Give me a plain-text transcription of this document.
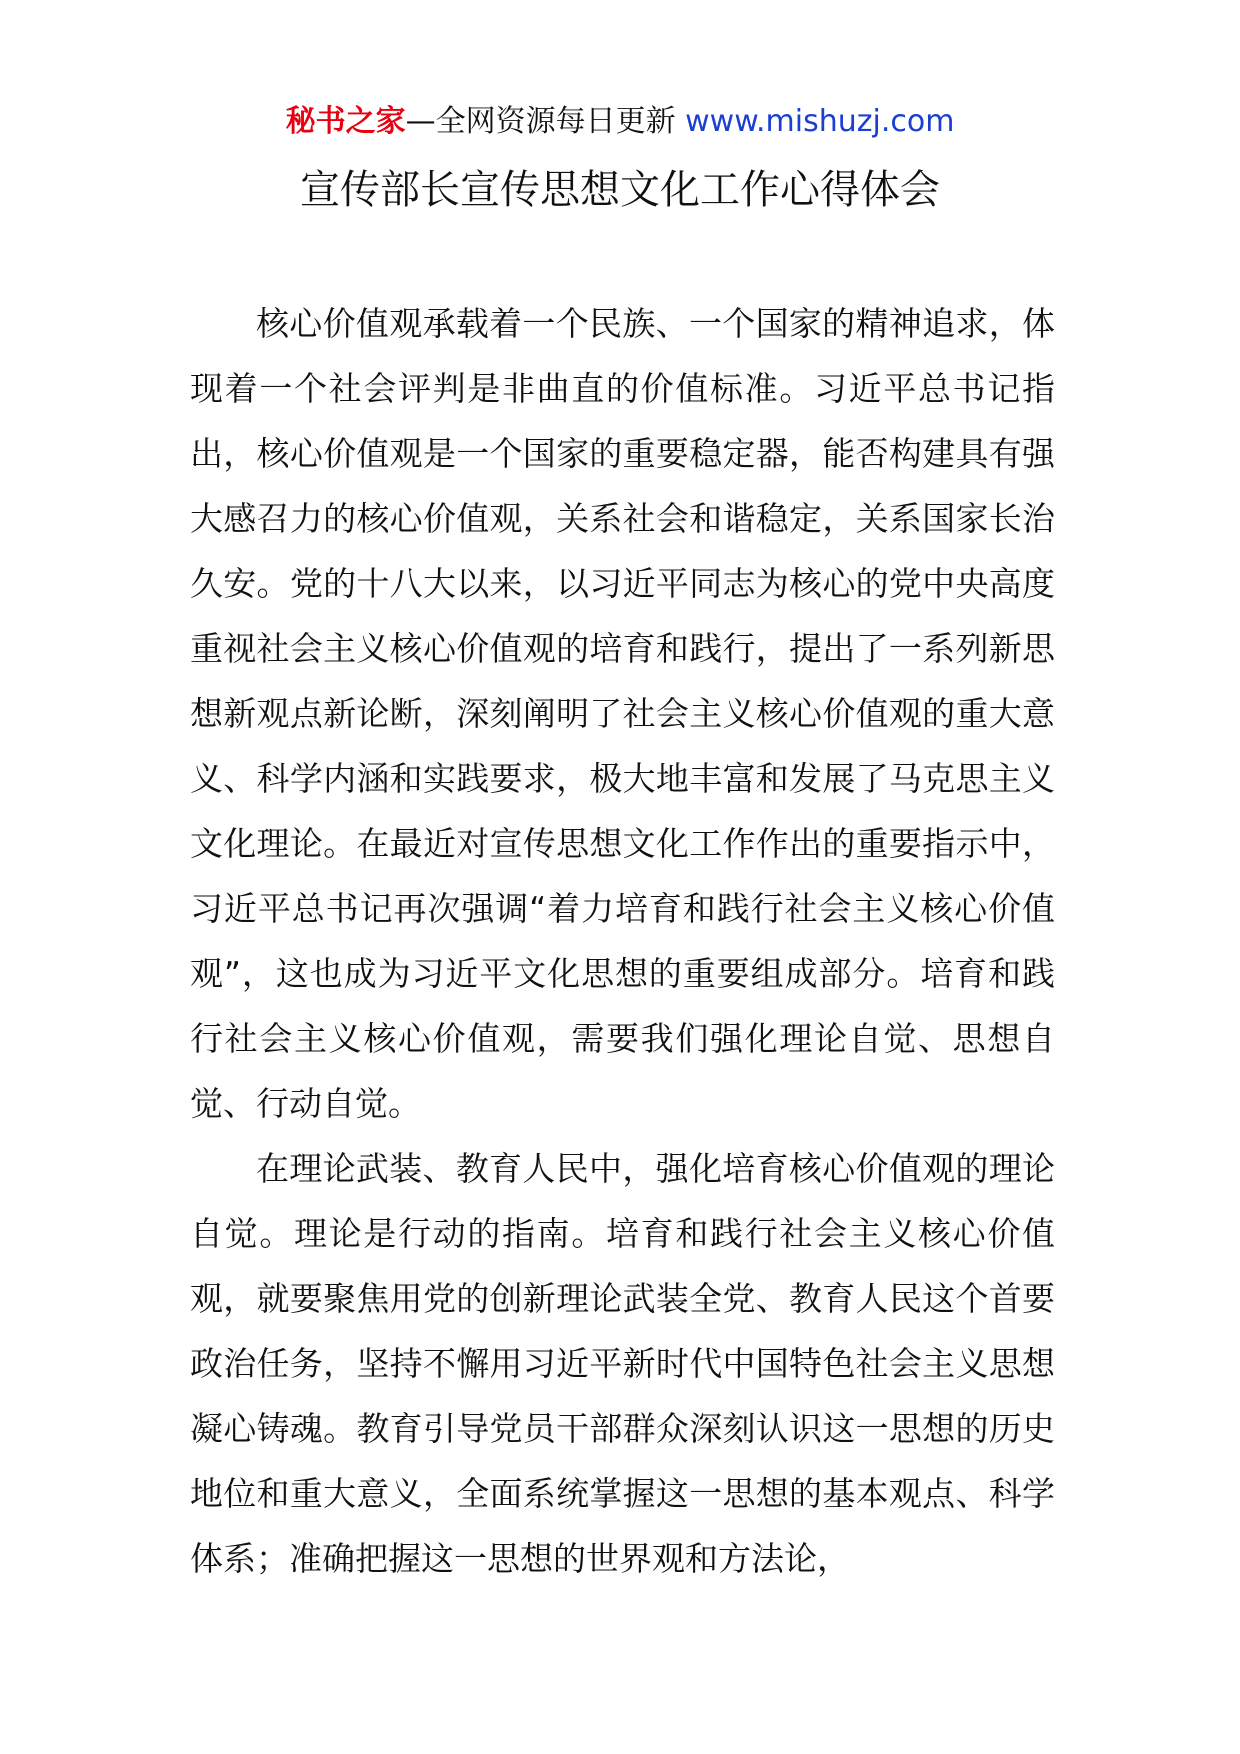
秘书之家—全网资源每日更新 www.mishuzj.com
宣传部长宣传思想文化工作心得体会

核心价值观承载着一个民族、一个国家的精神追求，体现着一个社会评判是非曲直的价值标准。习近平总书记指出，核心价值观是一个国家的重要稳定器，能否构建具有强大感召力的核心价值观，关系社会和谐稳定，关系国家长治久安。党的十八大以来，以习近平同志为核心的党中央高度重视社会主义核心价值观的培育和践行，提出了一系列新思想新观点新论断，深刻阐明了社会主义核心价值观的重大意义、科学内涵和实践要求，极大地丰富和发展了马克思主义文化理论。在最近对宣传思想文化工作作出的重要指示中，习近平总书记再次强调“着力培育和践行社会主义核心价值观”，这也成为习近平文化思想的重要组成部分。培育和践行社会主义核心价值观，需要我们强化理论自觉、思想自觉、行动自觉。

在理论武装、教育人民中，强化培育核心价值观的理论自觉。理论是行动的指南。培育和践行社会主义核心价值观，就要聚焦用党的创新理论武装全党、教育人民这个首要政治任务，坚持不懈用习近平新时代中国特色社会主义思想凝心铸魂。教育引导党员干部群众深刻认识这一思想的历史地位和重大意义，全面系统掌握这一思想的基本观点、科学体系；准确把握这一思想的世界观和方法论，
